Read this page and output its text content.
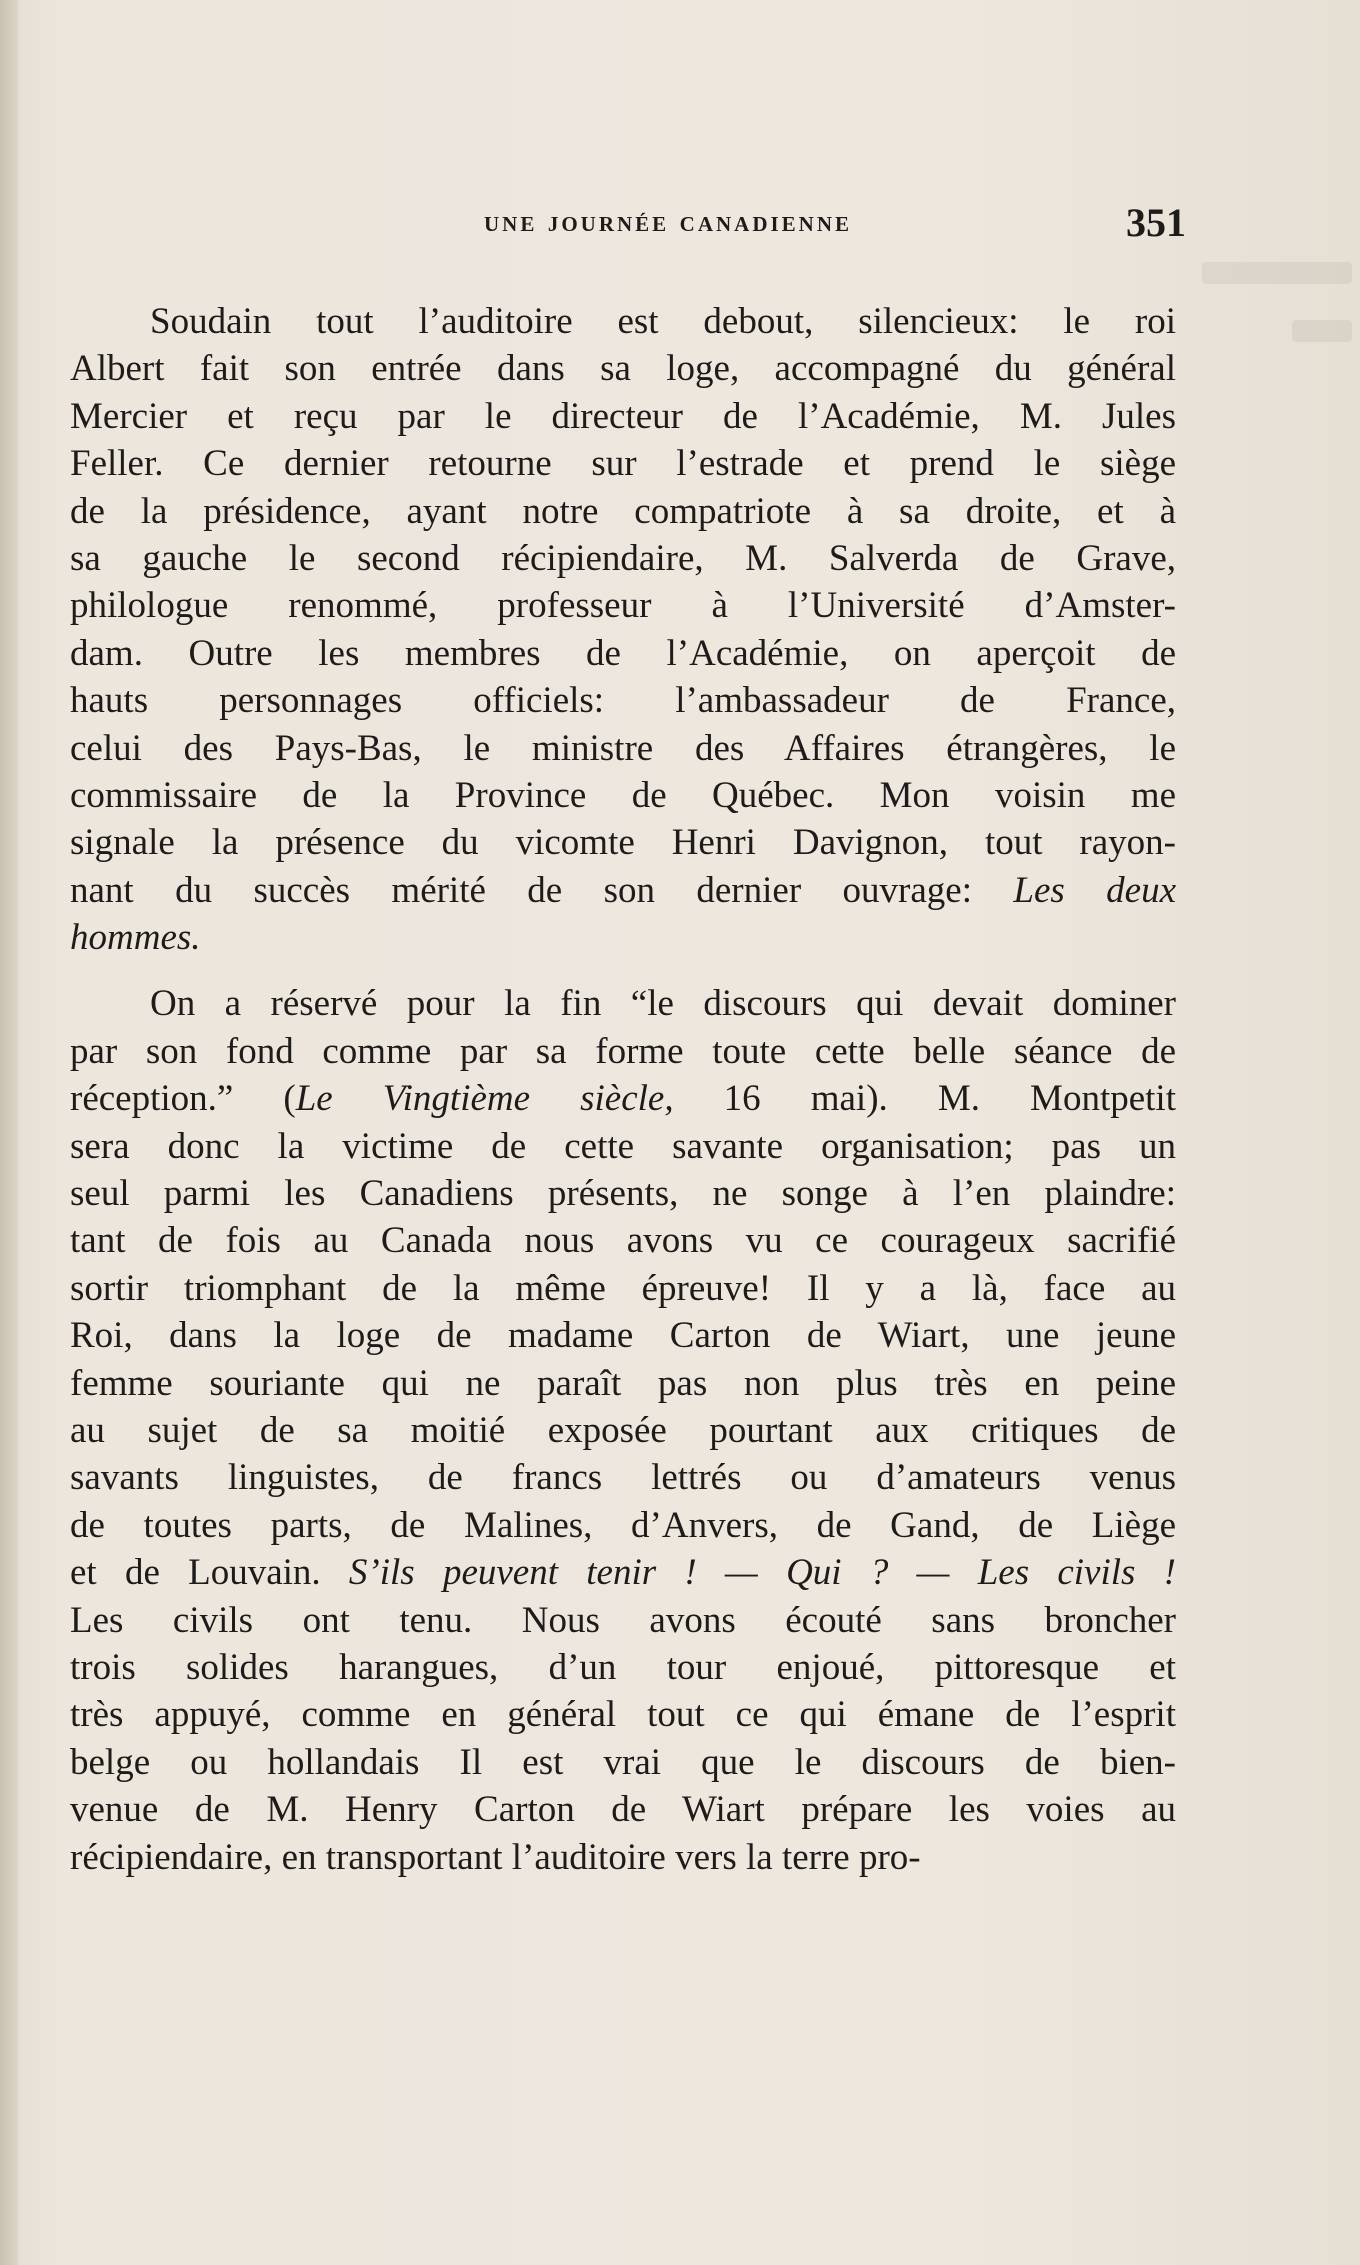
une journée canadienne	351
Soudain tout l’auditoire est debout, silencieux: le roi
Albert fait son entrée dans sa loge, accompagné du général
Mercier et reçu par le directeur de l’Académie, M. Jules
Feller. Ce dernier retourne sur l’estrade et prend le siège
de la présidence, ayant notre compatriote à sa droite, et à
sa gauche le second récipiendaire, M. Salverda de Grave,
philologue renommé, professeur à l’Université d’Amster-
dam. Outre les membres de l’Académie, on aperçoit de
hauts personnages officiels: l’ambassadeur de France,
celui des Pays-Bas, le ministre des Affaires étrangères, le
commissaire de la Province de Québec. Mon voisin me
signale la présence du vicomte Henri Davignon, tout rayon-
nant du succès mérité de son dernier ouvrage: Les deux
hommes.
On a réservé pour la fin “le discours qui devait dominer
par son fond comme par sa forme toute cette belle séance de
réception.” (Le Vingtième siècle, 16 mai). M. Montpetit
sera donc la victime de cette savante organisation; pas un
seul parmi les Canadiens présents, ne songe à l’en plaindre:
tant de fois au Canada nous avons vu ce courageux sacrifié
sortir triomphant de la même épreuve! Il y a là, face au
Roi, dans la loge de madame Carton de Wiart, une jeune
femme souriante qui ne paraît pas non plus très en peine
au sujet de sa moitié exposée pourtant aux critiques de
savants linguistes, de francs lettrés ou d’amateurs venus
de toutes parts, de Malines, d’Anvers, de Gand, de Liège
et de Louvain. S’ils peuvent tenir ! — Qui ? — Les civils !
Les civils ont tenu. Nous avons écouté sans broncher
trois solides harangues, d’un tour enjoué, pittoresque et
très appuyé, comme en général tout ce qui émane de l’esprit
belge ou hollandais Il est vrai que le discours de bien-
venue de M. Henry Carton de Wiart prépare les voies au
récipiendaire, en transportant l’auditoire vers la terre pro-
